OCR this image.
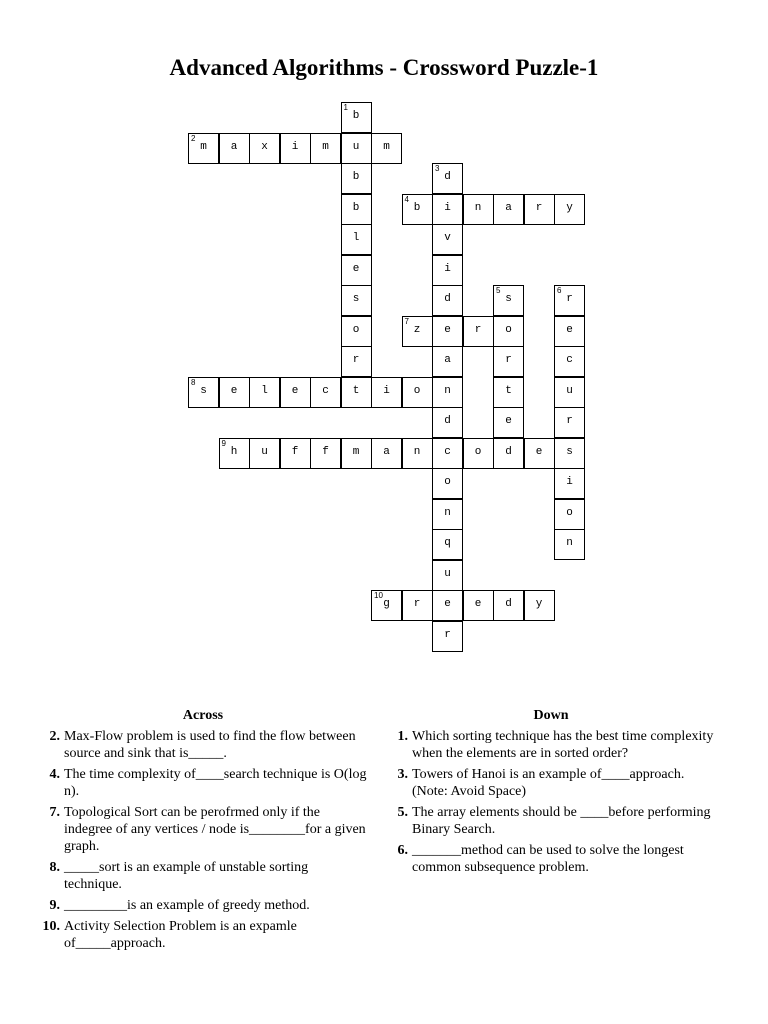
Advanced Algorithms - Crossword Puzzle-1
1
b
u
b
b
l
e
s
o
r
t
2
m	a	x	i	m	m
3
d
i
v
i
d
e
a
n
d
c
o
n
q
u
e
r
4
b	n	a	r	y
5
s
o
r
t
e
d
6
r
e
c
u
r
s
i
o
n
7
z	r
8
s	e	l	e	c	i	o
9
h	u	f	f	m	a	n	o	e
10
g	r	e	d	y
Across
2. Max-Flow problem is used to find the flow between source and sink that is_____.
4. The time complexity of____search technique is O(log n).
7. Topological Sort can be perofrmed only if the indegree of any vertices / node is________for a given graph.
8. _____sort is an example of unstable sorting technique.
9. _________is an example of greedy method.
10. Activity Selection Problem is an expamle of_____approach.
Down
1. Which sorting technique has the best time complexity when the elements are in sorted order?
3. Towers of Hanoi is an example of____approach. (Note: Avoid Space)
5. The array elements should be ____before performing Binary Search.
6. _______method can be used to solve the longest common subsequence problem.
